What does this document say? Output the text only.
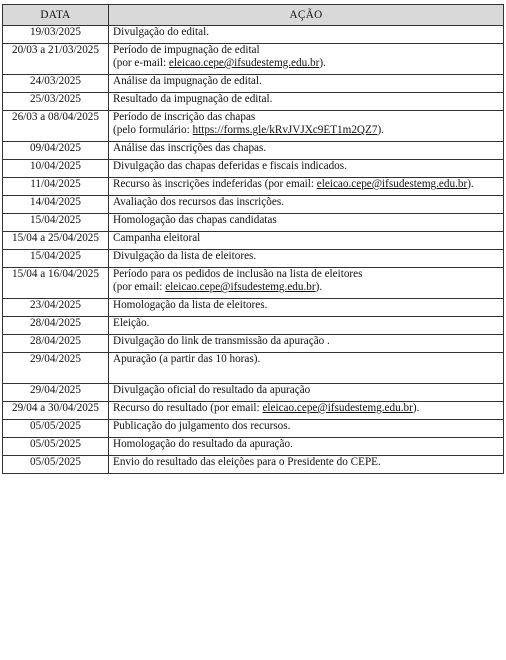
DATA	AÇÃO
19/03/2025	Divulgação do edital.
20/03 a 21/03/2025	Período de impugnação de edital
(por e-mail: eleicao.cepe@ifsudestemg.edu.br).
24/03/2025	Análise da impugnação de edital.
25/03/2025	Resultado da impugnação de edital.
26/03 a 08/04/2025	Período de inscrição das chapas
(pelo formulário: https://forms.gle/kRvJVJXc9ET1m2QZ7).
09/04/2025	Análise das inscrições das chapas.
10/04/2025	Divulgação das chapas deferidas e fiscais indicados.
11/04/2025	Recurso às inscrições indeferidas (por email: eleicao.cepe@ifsudestemg.edu.br).
14/04/2025	Avaliação dos recursos das inscrições.
15/04/2025	Homologação das chapas candidatas
15/04 a 25/04/2025	Campanha eleitoral
15/04/2025	Divulgação da lista de eleitores.
15/04 a 16/04/2025	Período para os pedidos de inclusão na lista de eleitores
(por email: eleicao.cepe@ifsudestemg.edu.br).
23/04/2025	Homologação da lista de eleitores.
28/04/2025	Eleição.
28/04/2025	Divulgação do link de transmissão da apuração .
29/04/2025	Apuração (a partir das 10 horas).
29/04/2025	Divulgação oficial do resultado da apuração
29/04 a 30/04/2025	Recurso do resultado (por email: eleicao.cepe@ifsudestemg.edu.br).
05/05/2025	Publicação do julgamento dos recursos.
05/05/2025	Homologação do resultado da apuração.
05/05/2025	Envio do resultado das eleições para o Presidente do CEPE.
